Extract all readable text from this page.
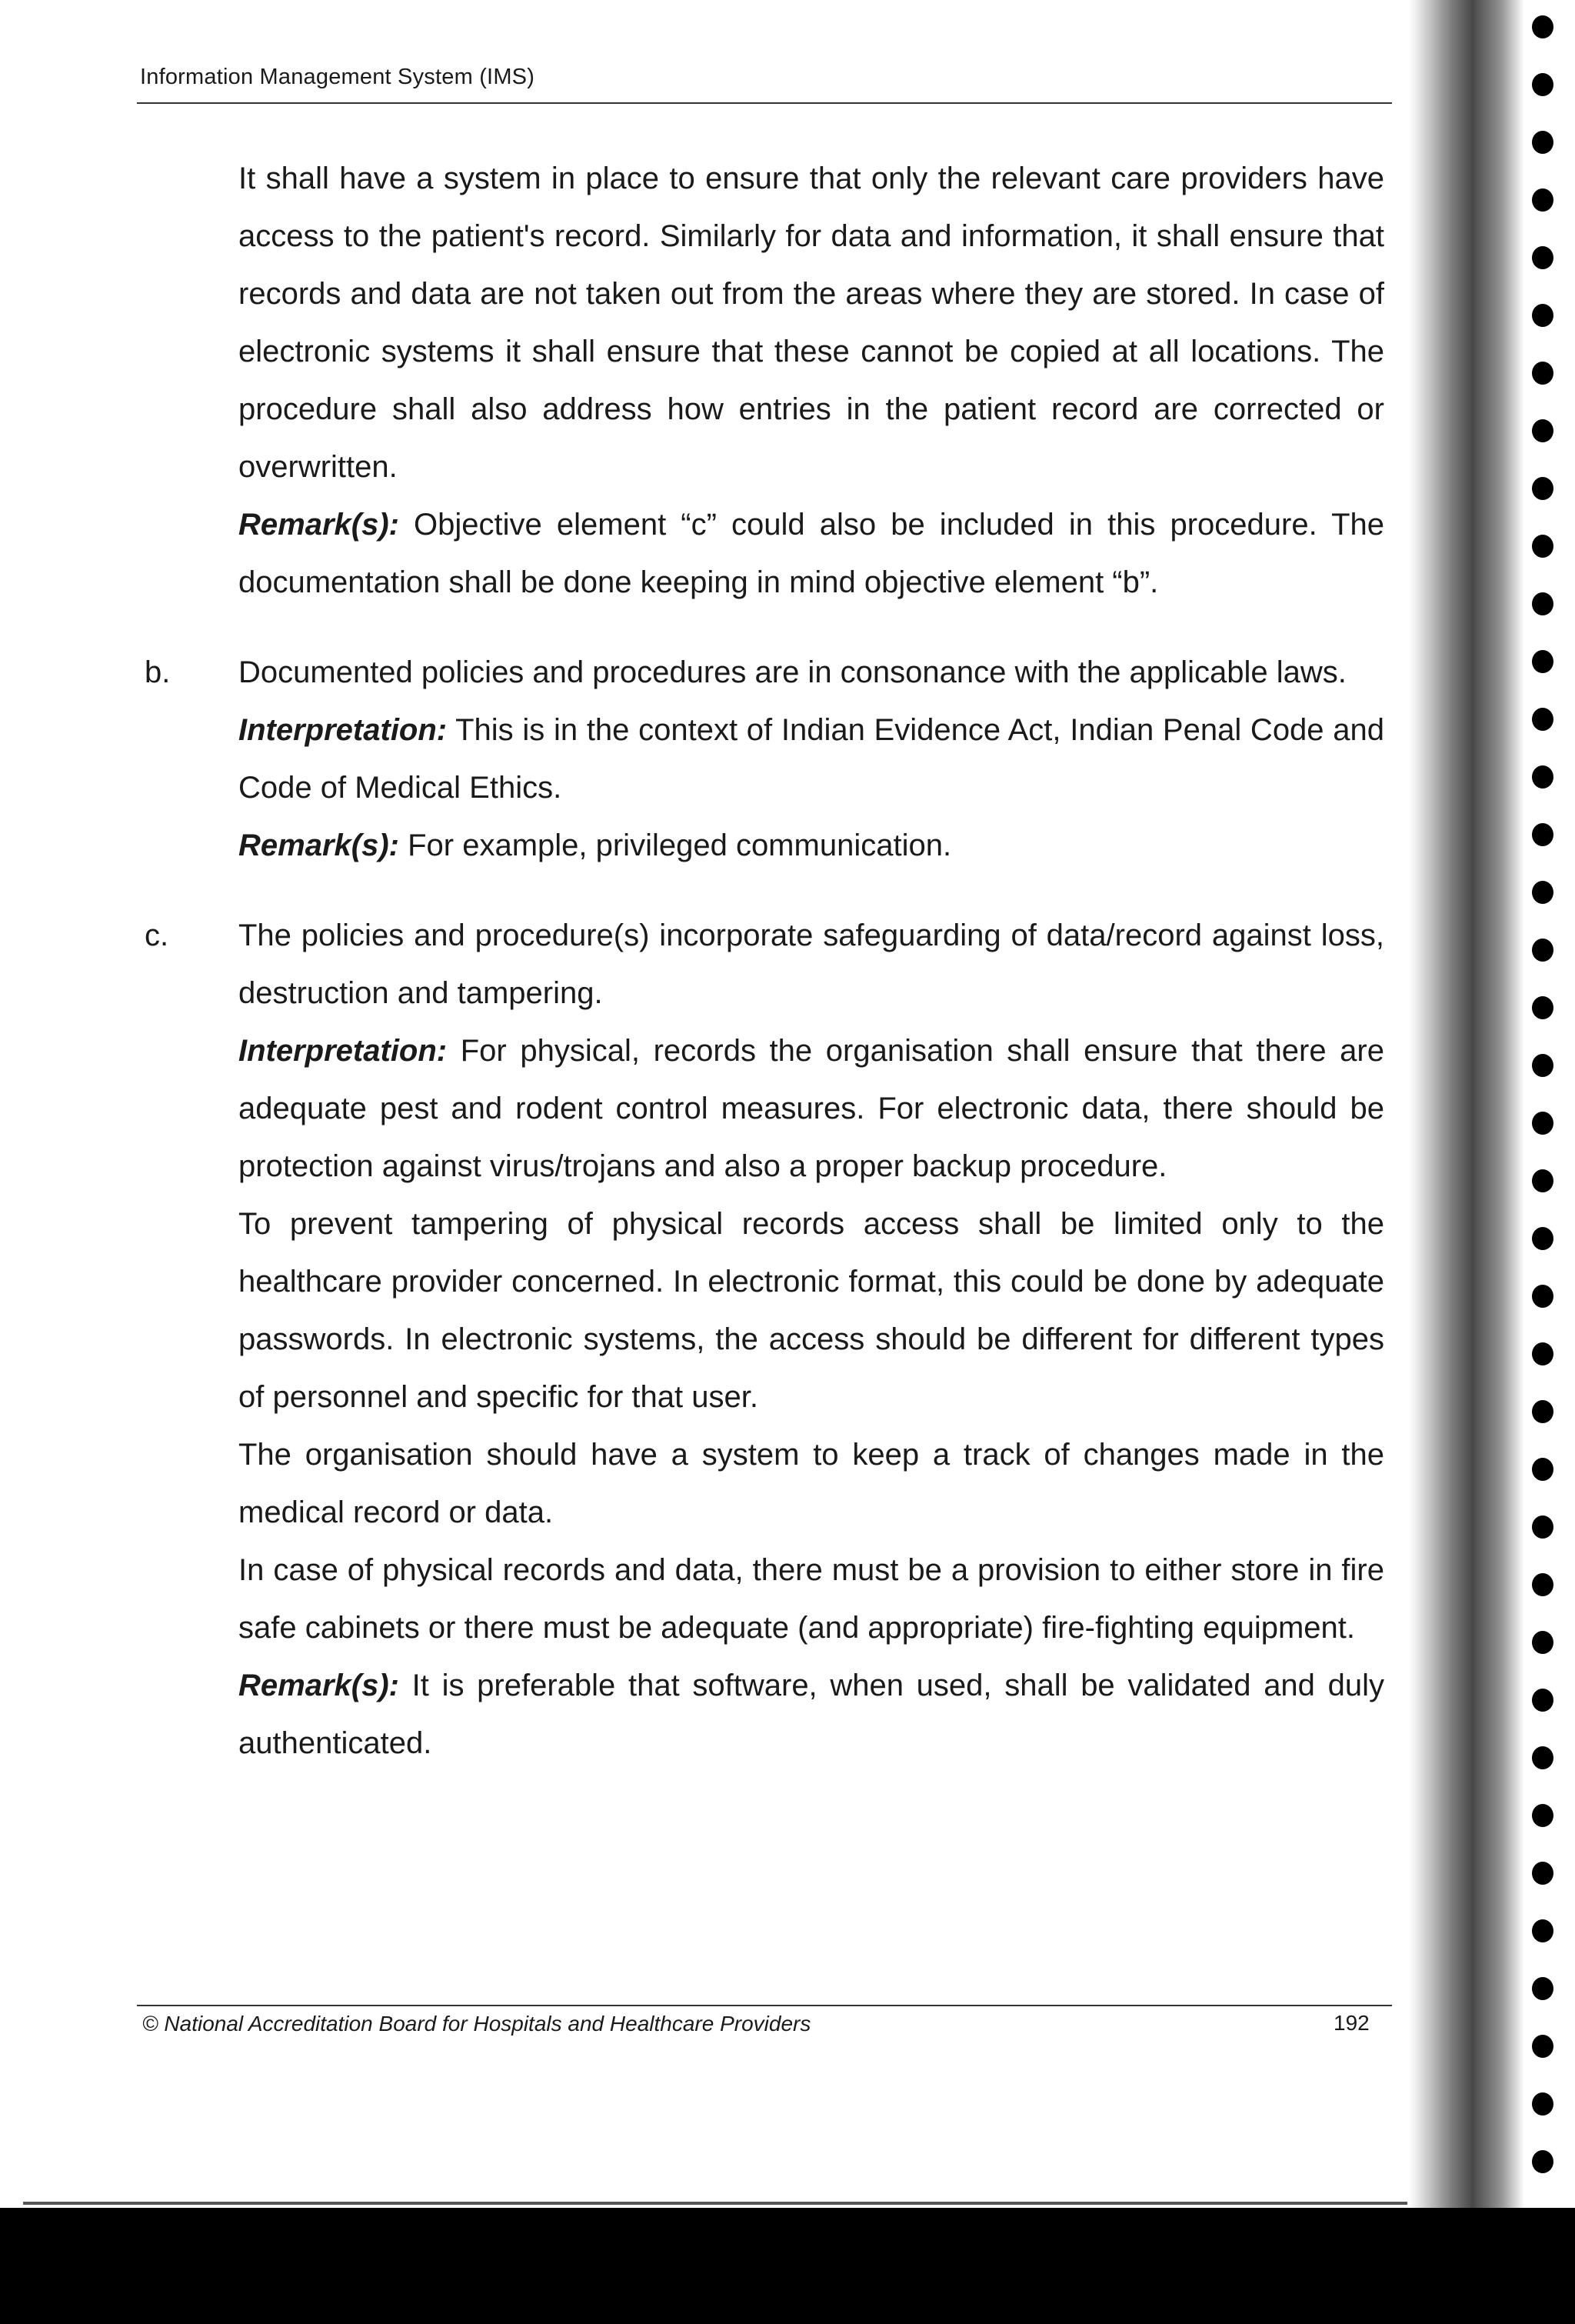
Information Management System (IMS)

It shall have a system in place to ensure that only the relevant care providers have access to the patient's record. Similarly for data and information, it shall ensure that records and data are not taken out from the areas where they are stored. In case of electronic systems it shall ensure that these cannot be copied at all locations. The procedure shall also address how entries in the patient record are corrected or overwritten.

Remark(s): Objective element “c” could also be included in this procedure. The documentation shall be done keeping in mind objective element “b”.

b. Documented policies and procedures are in consonance with the applicable laws.

Interpretation: This is in the context of Indian Evidence Act, Indian Penal Code and Code of Medical Ethics.

Remark(s): For example, privileged communication.

c. The policies and procedure(s) incorporate safeguarding of data/record against loss, destruction and tampering.

Interpretation: For physical, records the organisation shall ensure that there are adequate pest and rodent control measures. For electronic data, there should be protection against virus/trojans and also a proper backup procedure.

To prevent tampering of physical records access shall be limited only to the healthcare provider concerned. In electronic format, this could be done by adequate passwords. In electronic systems, the access should be different for different types of personnel and specific for that user.

The organisation should have a system to keep a track of changes made in the medical record or data.

In case of physical records and data, there must be a provision to either store in fire safe cabinets or there must be adequate (and appropriate) fire-fighting equipment.

Remark(s): It is preferable that software, when used, shall be validated and duly authenticated.

© National Accreditation Board for Hospitals and Healthcare Providers	192
